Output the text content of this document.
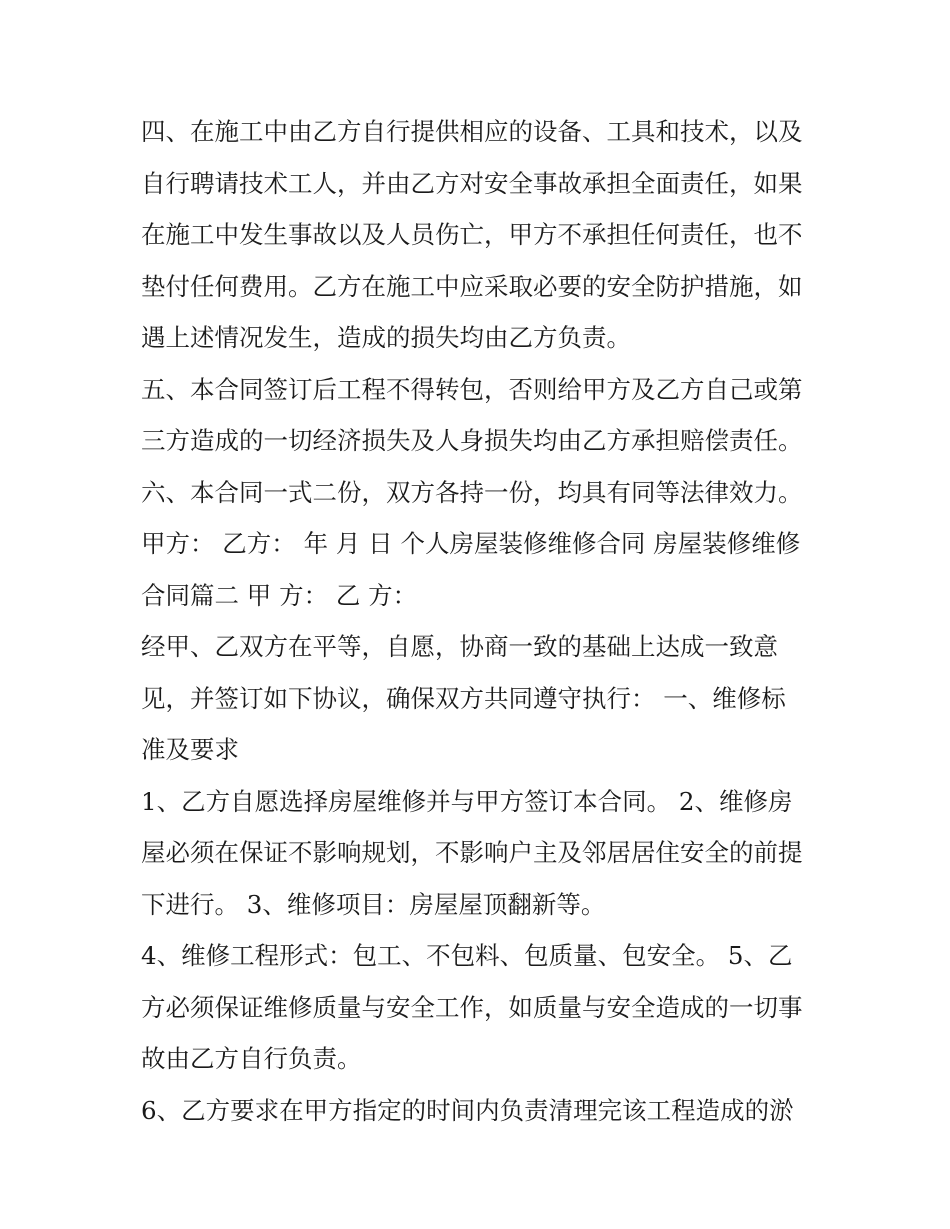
四、在施工中由乙方自行提供相应的设备、工具和技术，以及
自行聘请技术工人，并由乙方对安全事故承担全面责任，如果
在施工中发生事故以及人员伤亡，甲方不承担任何责任，也不
垫付任何费用。乙方在施工中应采取必要的安全防护措施，如
遇上述情况发生，造成的损失均由乙方负责。
五、本合同签订后工程不得转包，否则给甲方及乙方自己或第
三方造成的一切经济损失及人身损失均由乙方承担赔偿责任。
六、本合同一式二份，双方各持一份，均具有同等法律效力。
甲方： 乙方： 年 月 日 个人房屋装修维修合同 房屋装修维修
合同篇二 甲 方： 乙 方：
经甲、乙双方在平等，自愿，协商一致的基础上达成一致意
见，并签订如下协议，确保双方共同遵守执行： 一、维修标
准及要求
1、乙方自愿选择房屋维修并与甲方签订本合同。 2、维修房
屋必须在保证不影响规划，不影响户主及邻居居住安全的前提
下进行。 3、维修项目：房屋屋顶翻新等。
4、维修工程形式：包工、不包料、包质量、包安全。 5、乙
方必须保证维修质量与安全工作，如质量与安全造成的一切事
故由乙方自行负责。
6、乙方要求在甲方指定的时间内负责清理完该工程造成的淤
